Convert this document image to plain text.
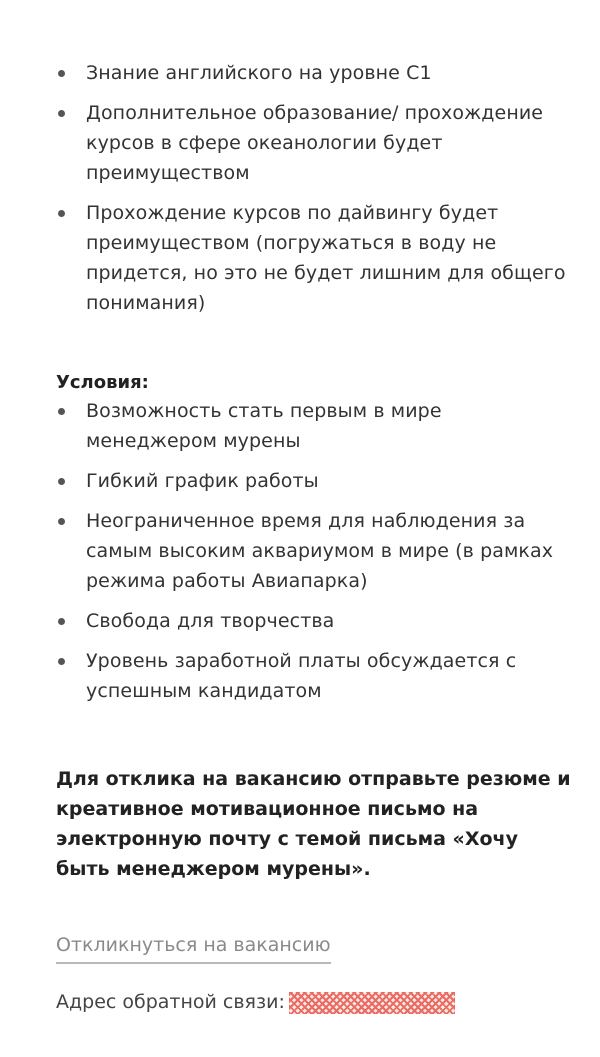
Знание английского на уровне C1
Дополнительное образование/ прохождение курсов в сфере океанологии будет преимуществом
Прохождение курсов по дайвингу будет преимуществом (погружаться в воду не придется, но это не будет лишним для общего понимания)

Условия:

Возможность стать первым в мире менеджером мурены
Гибкий график работы
Неограниченное время для наблюдения за самым высоким аквариумом в мире (в рамках режима работы Авиапарка)
Свобода для творчества
Уровень заработной платы обсуждается с успешным кандидатом

Для отклика на вакансию отправьте резюме и креативное мотивационное письмо на электронную почту с темой письма «Хочу быть менеджером мурены».

Откликнуться на вакансию

Адрес обратной связи:
